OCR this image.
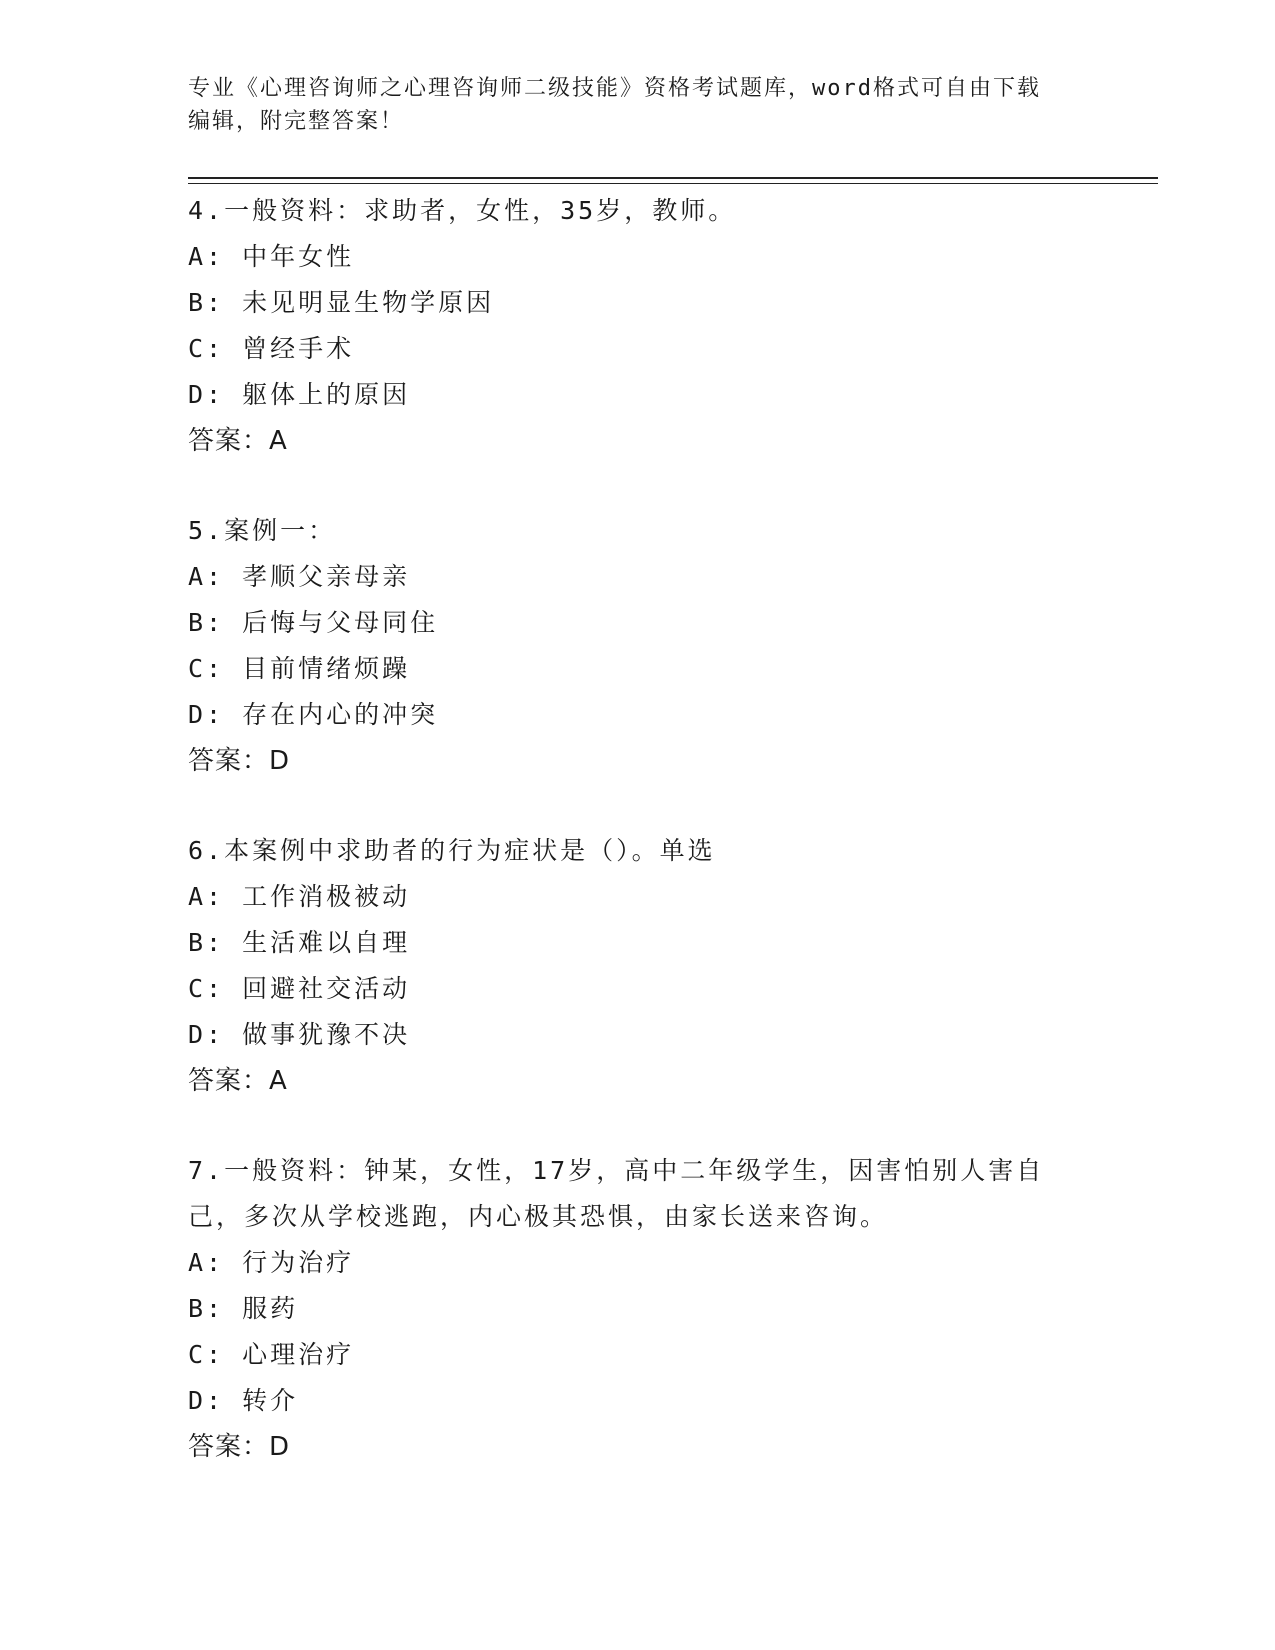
专业《心理咨询师之心理咨询师二级技能》资格考试题库，word格式可自由下载
编辑，附完整答案！
4.一般资料：求助者，女性，35岁，教师。
A: 中年女性
B: 未见明显生物学原因
C: 曾经手术
D: 躯体上的原因
答案：A
5.案例一：
A: 孝顺父亲母亲
B: 后悔与父母同住
C: 目前情绪烦躁
D: 存在内心的冲突
答案：D
6.本案例中求助者的行为症状是（）。单选
A: 工作消极被动
B: 生活难以自理
C: 回避社交活动
D: 做事犹豫不决
答案：A
7.一般资料：钟某，女性，17岁，高中二年级学生，因害怕别人害自
己，多次从学校逃跑，内心极其恐惧，由家长送来咨询。
A: 行为治疗
B: 服药
C: 心理治疗
D: 转介
答案：D
